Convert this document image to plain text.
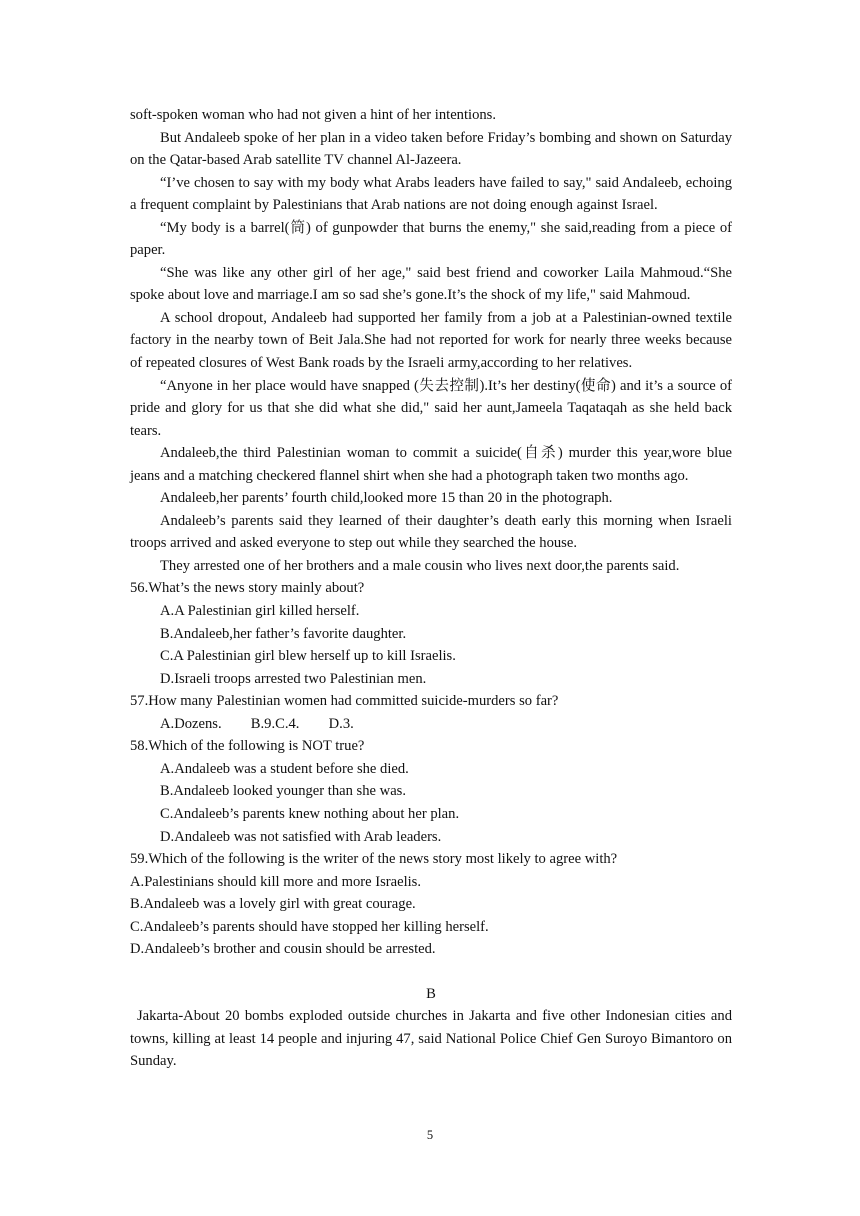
soft-spoken woman who had not given a hint of her intentions.

But Andaleeb spoke of her plan in a video taken before Friday’s bombing and shown on Saturday on the Qatar-based Arab satellite TV channel Al-Jazeera.

“I’ve chosen to say with my body what Arabs leaders have failed to say," said Andaleeb, echoing a frequent complaint by Palestinians that Arab nations are not doing enough against Israel.

“My body is a barrel(筒) of gunpowder that burns the enemy," she said,reading from a piece of paper.

“She was like any other girl of her age," said best friend and coworker Laila Mahmoud.“She spoke about love and marriage.I am so sad she’s gone.It’s the shock of my life," said Mahmoud.

A school dropout, Andaleeb had supported her family from a job at a Palestinian-owned textile factory in the nearby town of Beit Jala.She had not reported for work for nearly three weeks because of repeated closures of West Bank roads by the Israeli army,according to her relatives.

“Anyone in her place would have snapped (失去控制).It’s her destiny(使命) and it’s a source of pride and glory for us that she did what she did," said her aunt,Jameela Taqataqah as she held back tears.

Andaleeb,the third Palestinian woman to commit a suicide(自杀) murder this year,wore blue jeans and a matching checkered flannel shirt when she had a photograph taken two months ago.

Andaleeb,her parents’ fourth child,looked more 15 than 20 in the photograph.

Andaleeb’s parents said they learned of their daughter’s death early this morning when Israeli troops arrived and asked everyone to step out while they searched the house.

They arrested one of her brothers and a male cousin who lives next door,the parents said.

56.What’s the news story mainly about?

A.A Palestinian girl killed herself.

B.Andaleeb,her father’s favorite daughter.

C.A Palestinian girl blew herself up to kill Israelis.

D.Israeli troops arrested two Palestinian men.

57.How many Palestinian women had committed suicide-murders so far?

A.Dozens. B.9.C.4. D.3.

58.Which of the following is NOT true?

A.Andaleeb was a student before she died.

B.Andaleeb looked younger than she was.

C.Andaleeb’s parents knew nothing about her plan.

D.Andaleeb was not satisfied with Arab leaders.

59.Which of the following is the writer of the news story most likely to agree with?

A.Palestinians should kill more and more Israelis.

B.Andaleeb was a lovely girl with great courage.

C.Andaleeb’s parents should have stopped her killing herself.

D.Andaleeb’s brother and cousin should be arrested.

B

Jakarta-About 20 bombs exploded outside churches in Jakarta and five other Indonesian cities and towns, killing at least 14 people and injuring 47, said National Police Chief Gen Suroyo Bimantoro on Sunday.

5
